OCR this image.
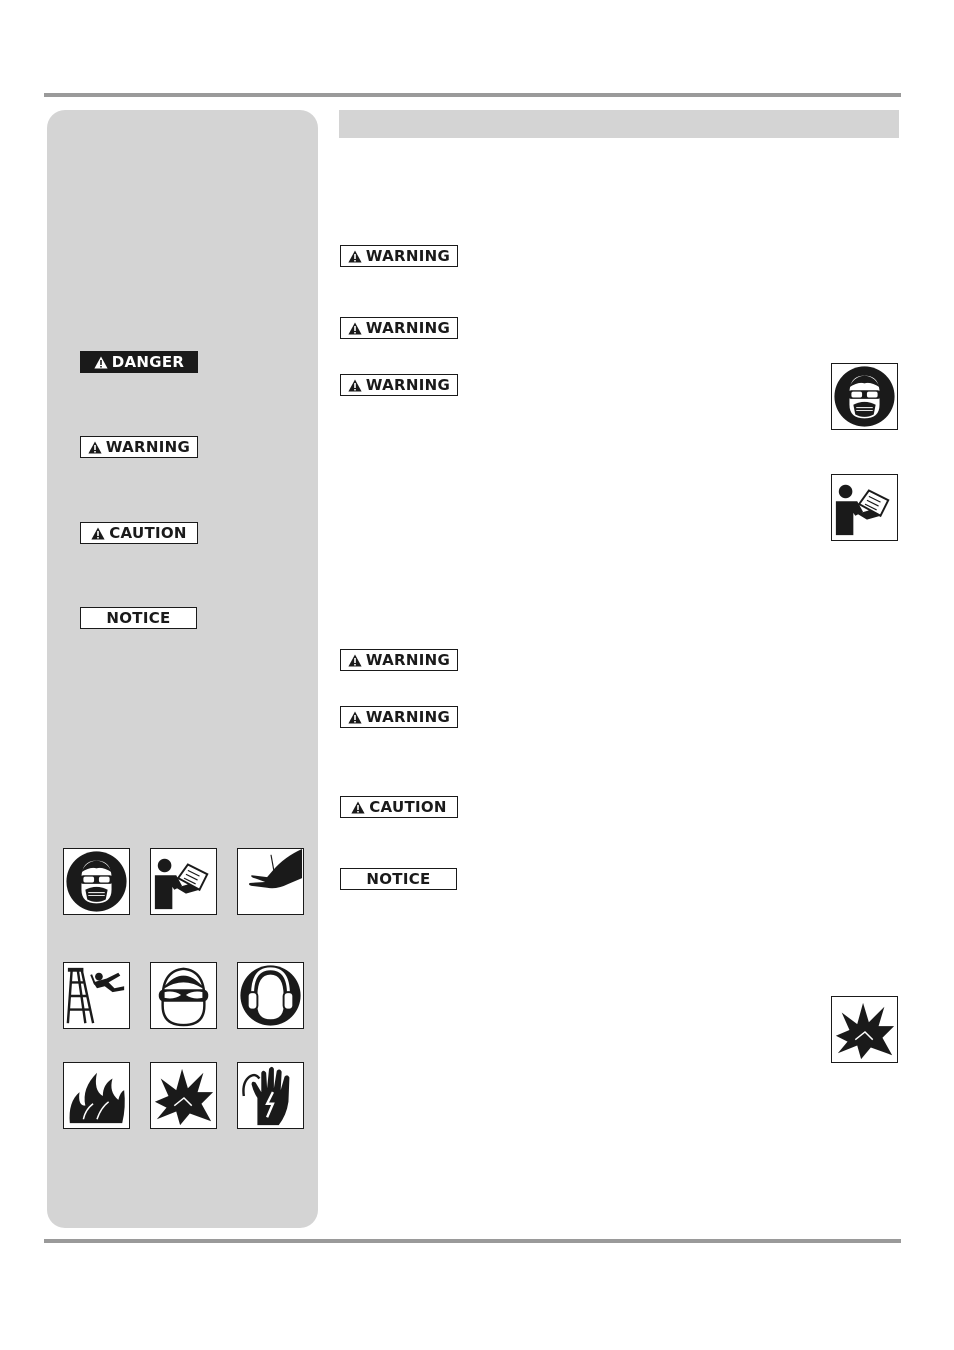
DANGER
WARNING
CAUTION
NOTICE
WARNING
WARNING
WARNING
WARNING
WARNING
CAUTION
NOTICE
